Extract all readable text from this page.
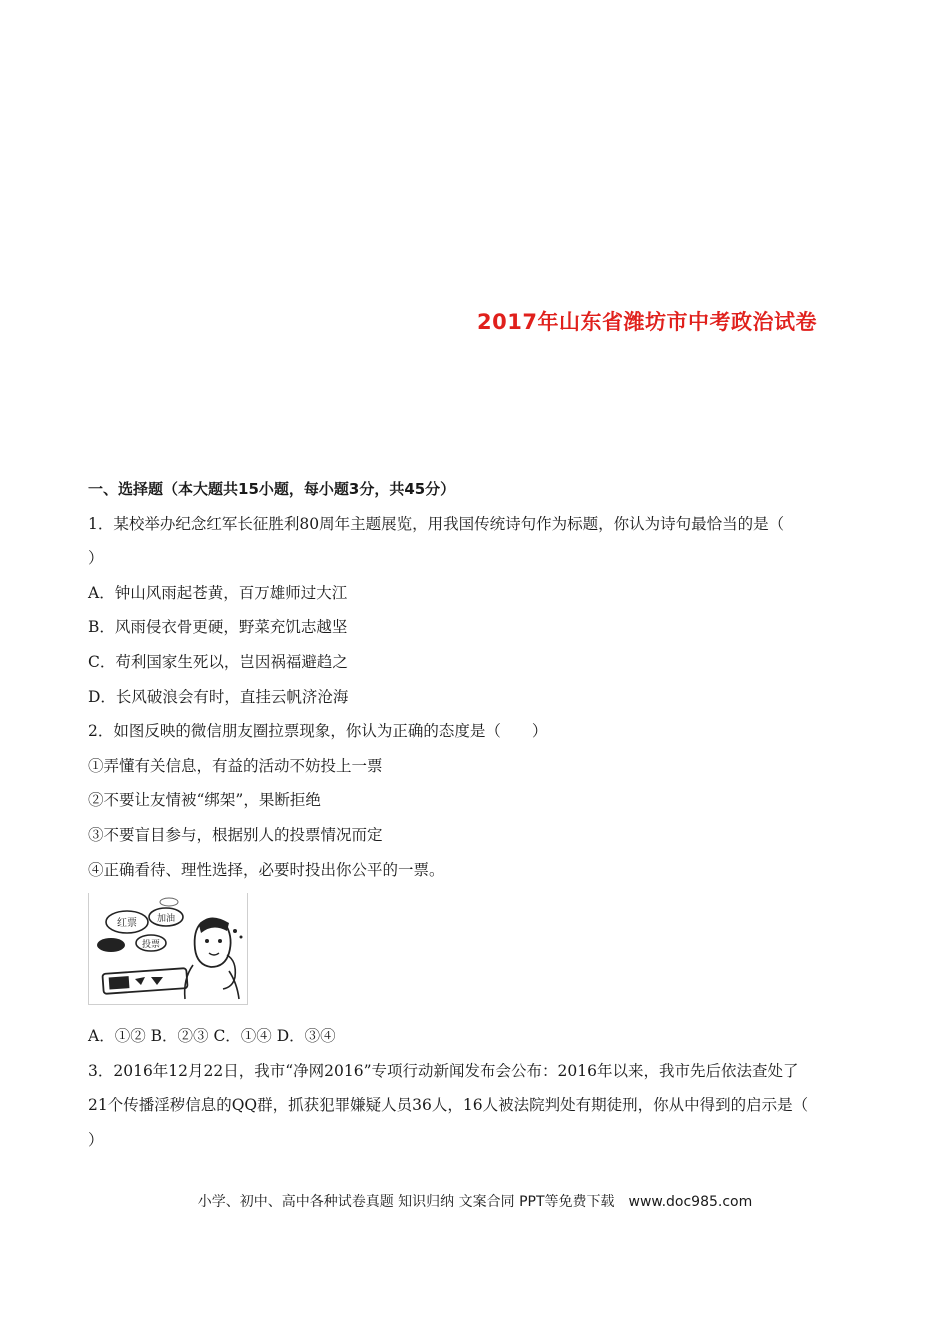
2017年山东省潍坊市中考政治试卷
一、选择题（本大题共15小题，每小题3分，共45分）
1．某校举办纪念红军长征胜利80周年主题展览，用我国传统诗句作为标题，你认为诗句最恰当的是（
）
A．钟山风雨起苍黄，百万雄师过大江
B．风雨侵衣骨更硬，野菜充饥志越坚
C．苟利国家生死以，岂因祸福避趋之
D．长风破浪会有时，直挂云帆济沧海
2．如图反映的微信朋友圈拉票现象，你认为正确的态度是（　　）
①弄懂有关信息，有益的活动不妨投上一票
②不要让友情被“绑架”，果断拒绝
③不要盲目参与，根据别人的投票情况而定
④正确看待、理性选择，必要时投出你公平的一票。
红票 加油
投票
A．①② B．②③ C．①④ D．③④
3．2016年12月22日，我市“净网2016”专项行动新闻发布会公布：2016年以来，我市先后依法查处了
21个传播淫秽信息的QQ群，抓获犯罪嫌疑人员36人，16人被法院判处有期徒刑，你从中得到的启示是（
）
小学、初中、高中各种试卷真题 知识归纳 文案合同 PPT等免费下载　www.doc985.com
